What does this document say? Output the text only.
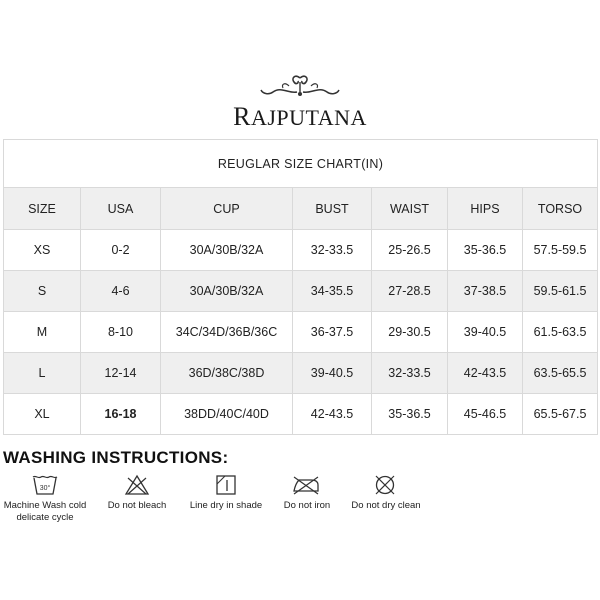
RAJPUTANA
REUGLAR SIZE CHART(IN)						
SIZE	USA	CUP	BUST	WAIST	HIPS	TORSO
XS	0-2	30A/30B/32A	32-33.5	25-26.5	35-36.5	57.5-59.5
S	4-6	30A/30B/32A	34-35.5	27-28.5	37-38.5	59.5-61.5
M	8-10	34C/34D/36B/36C	36-37.5	29-30.5	39-40.5	61.5-63.5
L	12-14	36D/38C/38D	39-40.5	32-33.5	42-43.5	63.5-65.5
XL	16-18	38DD/40C/40D	42-43.5	35-36.5	45-46.5	65.5-67.5
WASHING INSTRUCTIONS:
30°
Machine Wash cold
delicate cycle
Do not bleach	Line dry in shade	Do not iron	Do not dry clean
